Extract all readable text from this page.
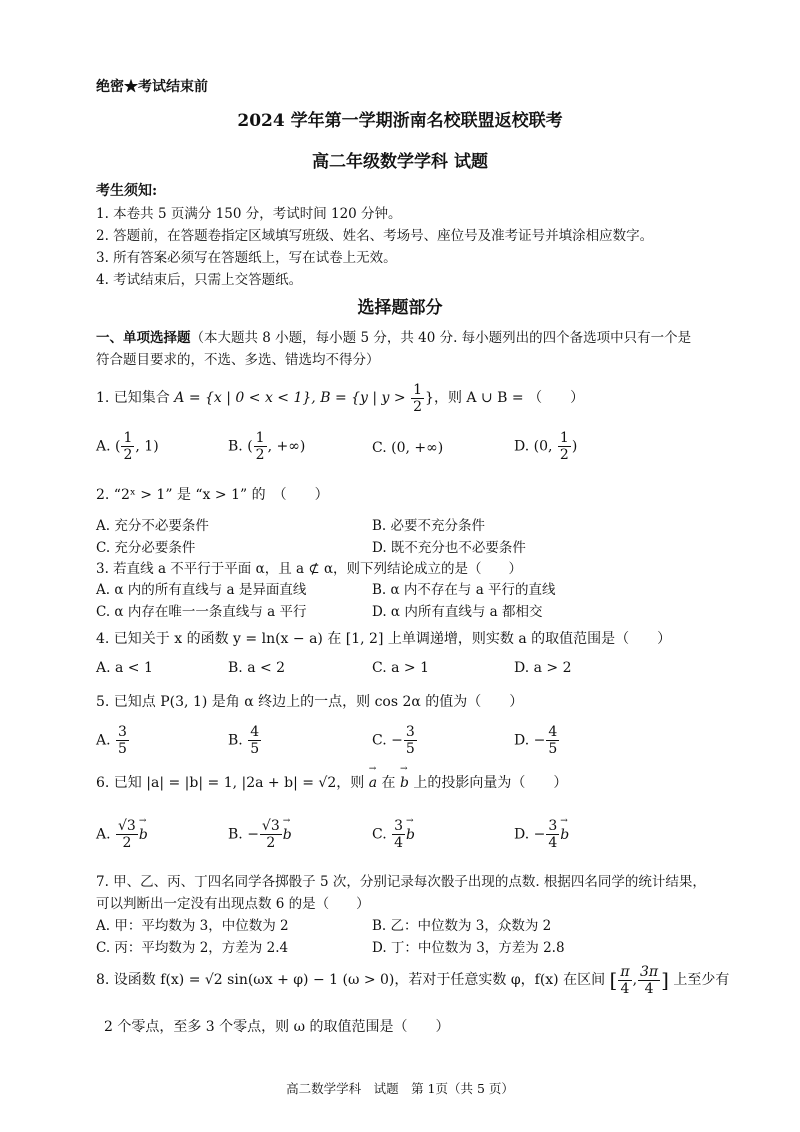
绝密★考试结束前
2024 学年第一学期浙南名校联盟返校联考
高二年级数学学科 试题
考生须知:
1. 本卷共 5 页满分 150 分，考试时间 120 分钟。
2. 答题前，在答题卷指定区域填写班级、姓名、考场号、座位号及准考证号并填涂相应数字。
3. 所有答案必须写在答题纸上，写在试卷上无效。
4. 考试结束后，只需上交答题纸。
选择题部分
一、单项选择题（本大题共 8 小题，每小题 5 分，共 40 分. 每小题列出的四个备选项中只有一个是
符合题目要求的，不选、多选、错选均不得分）
1. 已知集合 A = {x | 0 < x < 1}, B = {y | $y > \frac{1}{2}$ }，则 A ∪ B = （　　）
A. ( $\frac{1}{2}$ , 1)	B. ( $\frac{1}{2}$ , +∞)	C. (0, +∞)	D. (0, $\frac{1}{2}$ )
2. “2ˣ > 1” 是 “x > 1” 的　（　　）
A. 充分不必要条件	B. 必要不充分条件
C. 充分必要条件	D. 既不充分也不必要条件
3. 若直线 a 不平行于平面 α，且 a ⊄ α，则下列结论成立的是（　　）
A. α 内的所有直线与 a 是异面直线	B. α 内不存在与 a 平行的直线
C. α 内存在唯一一条直线与 a 平行	D. α 内所有直线与 a 都相交
4. 已知关于 x 的函数 y = ln(x − a) 在 [1, 2] 上单调递增，则实数 a 的取值范围是（　　）
A. a < 1	B. a < 2	C. a > 1	D. a > 2
5. 已知点 P(3, 1) 是角 α 终边上的一点，则 cos 2α 的值为（　　）
A. $\frac{3}{5}$	B. $\frac{4}{5}$	C. − $\frac{3}{5}$	D. − $\frac{4}{5}$
6. 已知 |a| = |b| = 1, |2a + b| = √2，则 → a 在 → b 上的投影向量为（　　）
A. $\frac{√3}{2}$
→ b	B. − $\frac{√3}{2}$
→ b	C. $\frac{3}{4}$
→ b	D. − $\frac{3}{4}$
→ b
7. 甲、乙、丙、丁四名同学各掷骰子 5 次，分别记录每次骰子出现的点数. 根据四名同学的统计结果，
可以判断出一定没有出现点数 6 的是（　　）
A. 甲：平均数为 3，中位数为 2	B. 乙：中位数为 3，众数为 2
C. 丙：平均数为 2，方差为 2.4	D. 丁：中位数为 3，方差为 2.8
8. 设函数 f(x) = √2 sin(ωx + φ) − 1 (ω > 0)，若对于任意实数 φ，f(x) 在区间 [ $\frac{\pi}{4}$ , $\frac{3\pi}{4}$ ] 上至少有
2 个零点，至多 3 个零点，则 ω 的取值范围是（　　）
高二数学学科　试题　第 1页（共 5 页）
